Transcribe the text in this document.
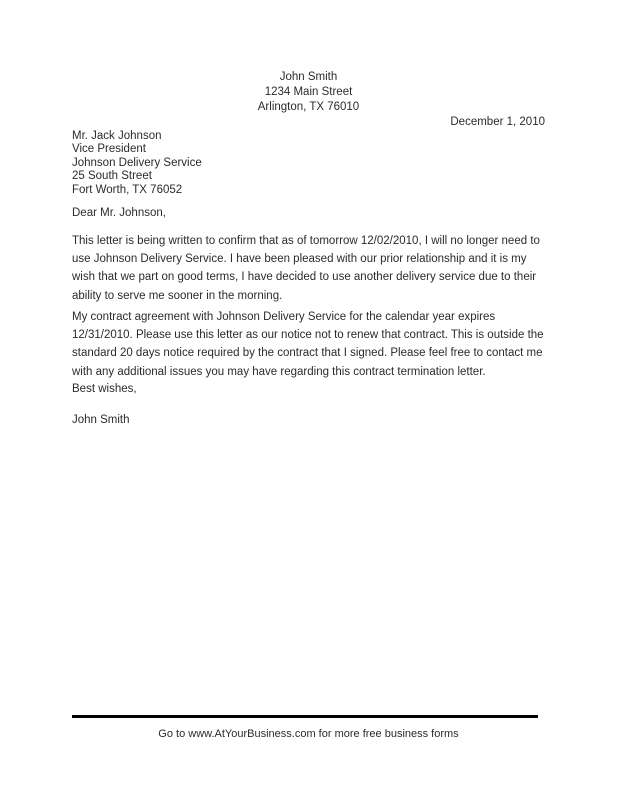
John Smith
1234 Main Street
Arlington, TX 76010
December 1, 2010
Mr. Jack Johnson
Vice President
Johnson Delivery Service
25 South Street
Fort Worth, TX 76052
Dear Mr. Johnson,
This letter is being written to confirm that as of tomorrow 12/02/2010, I will no longer need to use Johnson Delivery Service. I have been pleased with our prior relationship and it is my wish that we part on good terms, I have decided to use another delivery service due to their ability to serve me sooner in the morning.
My contract agreement with Johnson Delivery Service for the calendar year expires 12/31/2010. Please use this letter as our notice not to renew that contract. This is outside the standard 20 days notice required by the contract that I signed. Please feel free to contact me with any additional issues you may have regarding this contract termination letter.
Best wishes,
John Smith
Go to www.AtYourBusiness.com for more free business forms
